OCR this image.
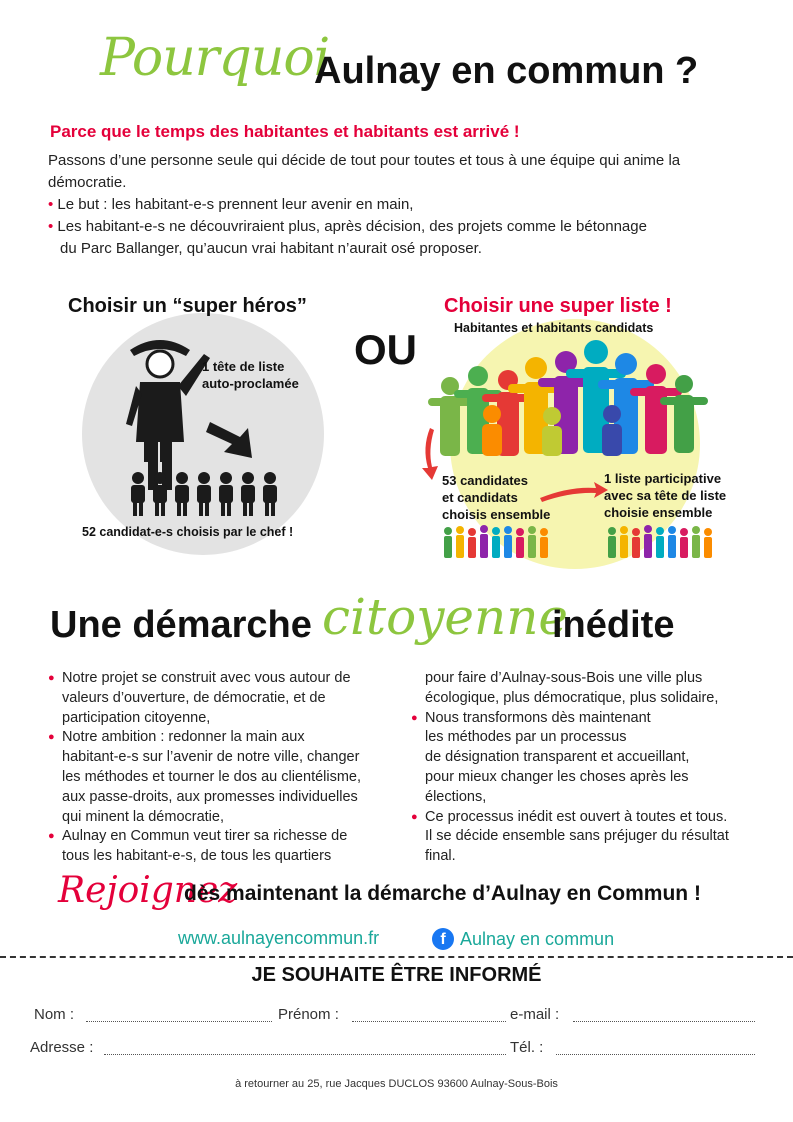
Pourquoi
Aulnay en commun ?
Parce que le temps des habitantes et habitants est arrivé !

Passons d’une personne seule qui décide de tout pour toutes et tous à une équipe qui anime la démocratie.

• Le but : les habitant-e-s prennent leur avenir en main,

• Les habitant-e-s ne découvriraient plus, après décision, des projets comme le bétonnage

du Parc Ballanger, qu’aucun vrai habitant n’aurait osé proposer.

Choisir un “super héros”
1 tête de liste
auto-proclamée
52 candidat-e-s choisis par le chef !
OU
Choisir une super liste !
Habitantes et habitants candidats
53 candidates
et candidats
choisis ensemble
1 liste participative
avec sa tête de liste
choisie ensemble
Une démarche citoyenne
inédite
● Notre projet se construit avec vous autour de
valeurs d’ouverture, de démocratie, et de
participation citoyenne,
● Notre ambition : redonner la main aux
habitant-e-s sur l’avenir de notre ville, changer
les méthodes et tourner le dos au clientélisme,
aux passe-droits, aux promesses individuelles
qui minent la démocratie,
● Aulnay en Commun veut tirer sa richesse de
tous les habitant-e-s, de tous les quartiers
pour faire d’Aulnay-sous-Bois une ville plus
écologique, plus démocratique, plus solidaire,
● Nous transformons dès maintenant
les méthodes par un processus
de désignation transparent et accueillant,
pour mieux changer les choses après les
élections,
● Ce processus inédit est ouvert à toutes et tous.
Il se décide ensemble sans préjuger du résultat
final.
Rejoignez
dès maintenant la démarche d’Aulnay en Commun !
www.aulnayencommun.fr	f Aulnay en commun
JE SOUHAITE ÊTRE INFORMÉ
Nom :	Prénom :	e-mail :
Adresse :	Tél. :
à retourner au 25, rue Jacques DUCLOS 93600 Aulnay-Sous-Bois
